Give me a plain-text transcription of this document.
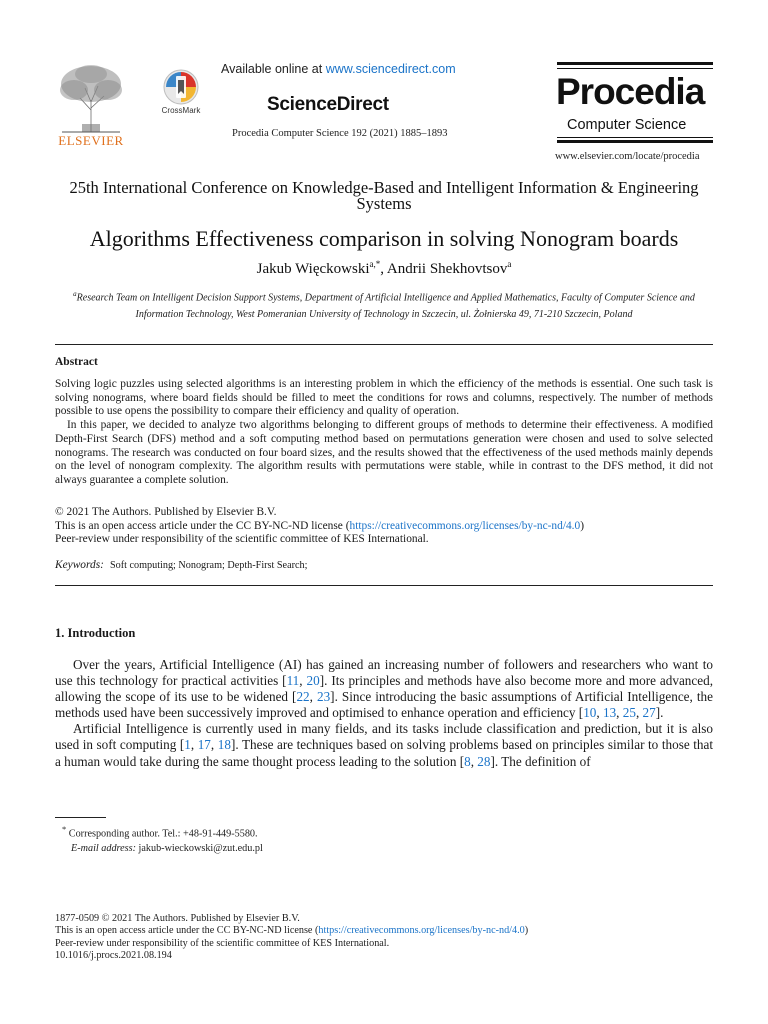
ELSEVIER
CrossMark
Available online at www.sciencedirect.com
ScienceDirect
Procedia Computer Science 192 (2021) 1885–1893
Procedia
Computer Science
www.elsevier.com/locate/procedia
25th International Conference on Knowledge-Based and Intelligent Information & Engineering Systems
Algorithms Effectiveness comparison in solving Nonogram boards
Jakub Więckowski$^{a,*}$, Andrii Shekhovtsov$^a$
$^a$Research Team on Intelligent Decision Support Systems, Department of Artificial Intelligence and Applied Mathematics, Faculty of Computer Science and Information Technology, West Pomeranian University of Technology in Szczecin, ul. Żołnierska 49, 71-210 Szczecin, Poland
Abstract

Solving logic puzzles using selected algorithms is an interesting problem in which the efficiency of the methods is essential. One such task is solving nonograms, where board fields should be filled to meet the conditions for rows and columns, respectively. The number of methods possible to use opens the possibility to compare their efficiency and quality of operation.

In this paper, we decided to analyze two algorithms belonging to different groups of methods to determine their effectiveness. A modified Depth-First Search (DFS) method and a soft computing method based on permutations generation were chosen and used to solve selected nonograms. The research was conducted on four board sizes, and the results showed that the effectiveness of the used methods mainly depends on the level of nonogram complexity. The algorithm results with permutations were stable, while in contrast to the DFS method, it did not always guarantee a complete solution.

© 2021 The Authors. Published by Elsevier B.V.
This is an open access article under the CC BY-NC-ND license (https://creativecommons.org/licenses/by-nc-nd/4.0)
Peer-review under responsibility of the scientific committee of KES International.
Keywords: Soft computing; Nonogram; Depth-First Search;
1. Introduction

Over the years, Artificial Intelligence (AI) has gained an increasing number of followers and researchers who want to use this technology for practical activities [11, 20]. Its principles and methods have also become more and more advanced, allowing the scope of its use to be widened [22, 23]. Since introducing the basic assumptions of Artificial Intelligence, the methods used have been successively improved and optimised to enhance operation and efficiency [10, 13, 25, 27].

Artificial Intelligence is currently used in many fields, and its tasks include classification and prediction, but it is also used in soft computing [1, 17, 18]. These are techniques based on solving problems based on principles similar to those that a human would take during the same thought process leading to the solution [8, 28]. The definition of

* Corresponding author. Tel.: +48-91-449-5580.
E-mail address: jakub-wieckowski@zut.edu.pl
1877-0509 © 2021 The Authors. Published by Elsevier B.V.
This is an open access article under the CC BY-NC-ND license (https://creativecommons.org/licenses/by-nc-nd/4.0)
Peer-review under responsibility of the scientific committee of KES International.
10.1016/j.procs.2021.08.194
